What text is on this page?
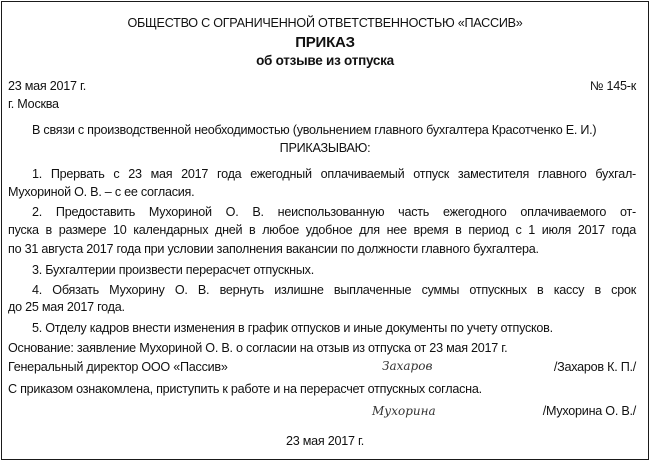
ОБЩЕСТВО С ОГРАНИЧЕННОЙ ОТВЕТСТВЕННОСТЬЮ «ПАССИВ»
ПРИКАЗ
об отзыве из отпуска
23 мая 2017 г.	№ 145-к
г. Москва
В связи с производственной необходимостью (увольнением главного бухгалтера Красотченко Е. И.)
ПРИКАЗЫВАЮ:
1. Прервать с 23 мая 2017 года ежегодный оплачиваемый отпуск заместителя главного бухгал-
Мухориной О. В. – с ее согласия.
2. Предоставить Мухориной О. В. неиспользованную часть ежегодного оплачиваемого от-
пуска в размере 10 календарных дней в любое удобное для нее время в период с 1 июля 2017 года
по 31 августа 2017 года при условии заполнения вакансии по должности главного бухгалтера.
3. Бухгалтерии произвести перерасчет отпускных.
4. Обязать Мухорину О. В. вернуть излишне выплаченные суммы отпускных в кассу в срок
до 25 мая 2017 года.
5. Отделу кадров внести изменения в график отпусков и иные документы по учету отпусков.
Основание: заявление Мухориной О. В. о согласии на отзыв из отпуска от 23 мая 2017 г.
Генеральный директор ООО «Пассив»	Захаров	/Захаров К. П./
С приказом ознакомлена, приступить к работе и на перерасчет отпускных согласна.
Мухорина	/Мухорина О. В./
23 мая 2017 г.
